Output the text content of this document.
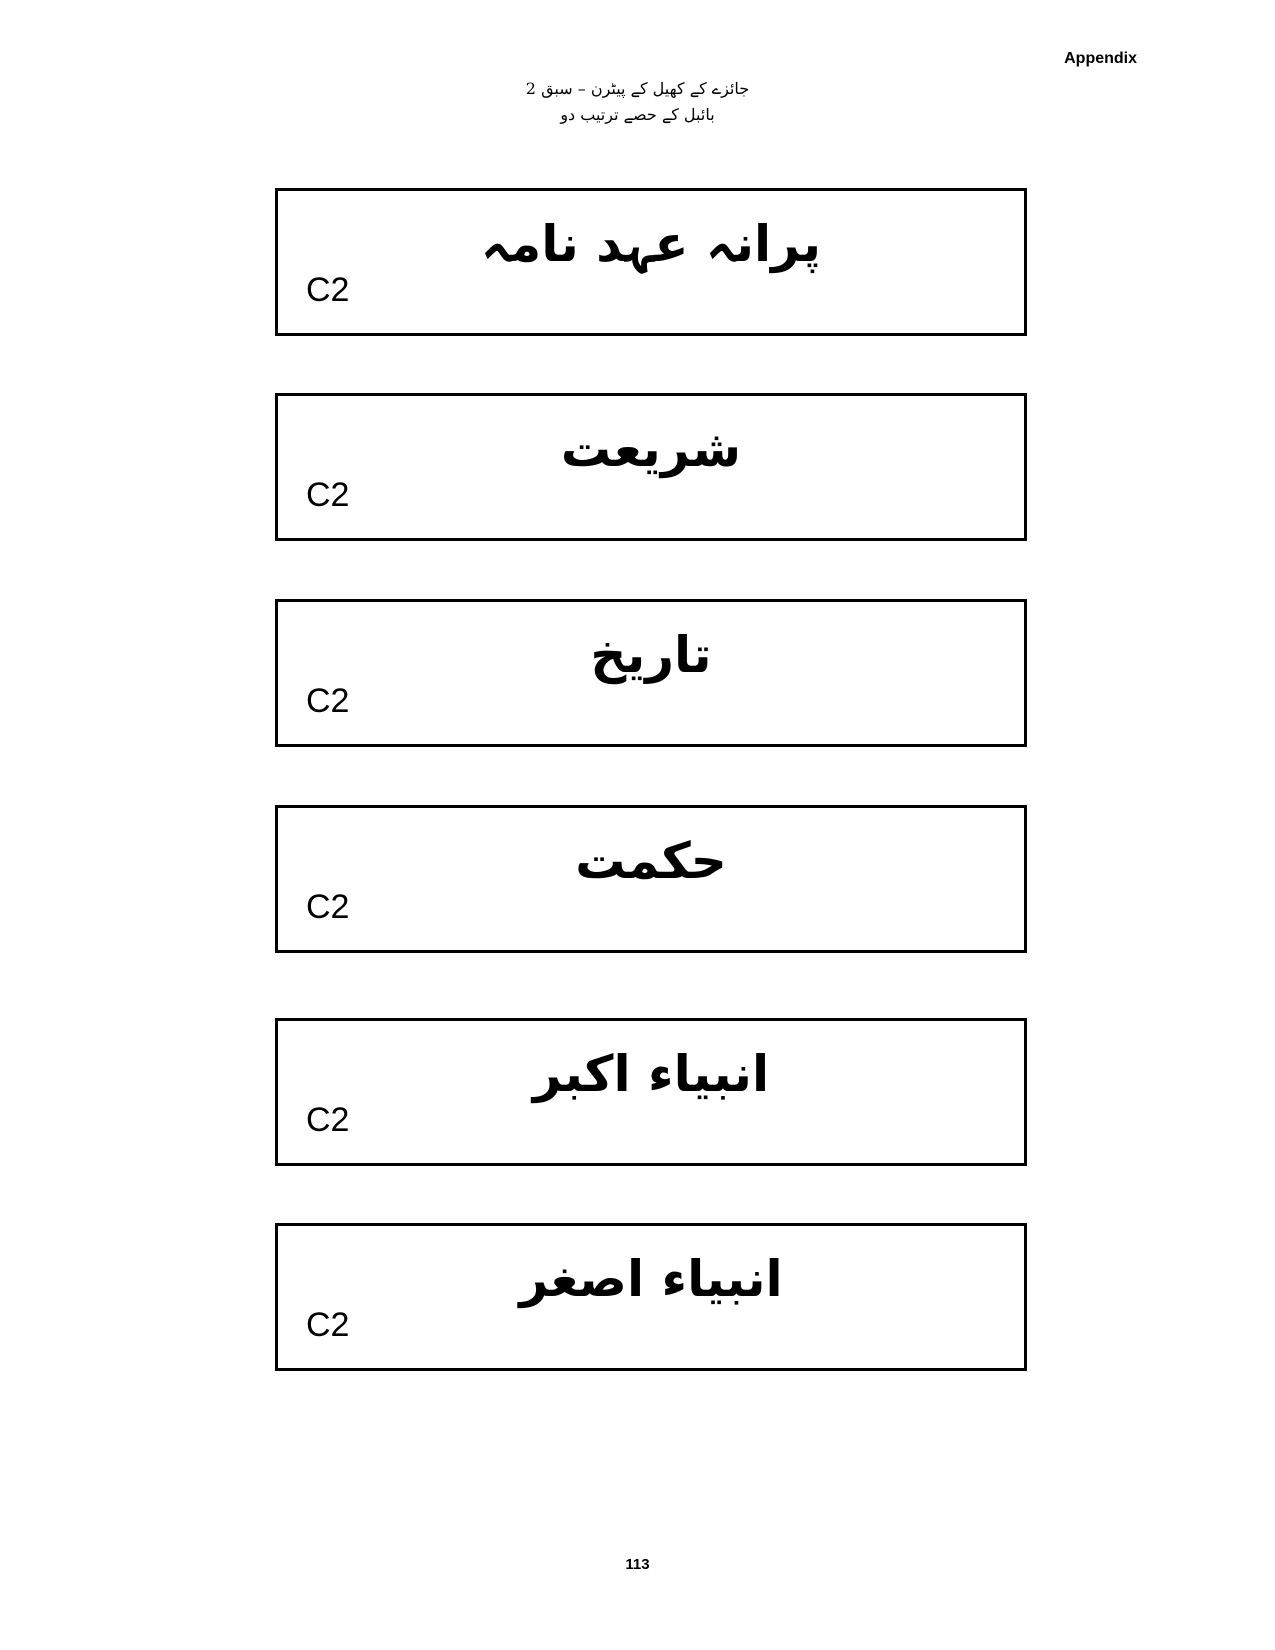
Appendix
جائزے کے کھیل کے پیٹرن – سبق 2
بائبل کے حصے ترتیب دو
پرانہ عہد نامہ
C2
شریعت
C2
تاریخ
C2
حکمت
C2
انبیاء اکبر
C2
انبیاء اصغر
C2
113
